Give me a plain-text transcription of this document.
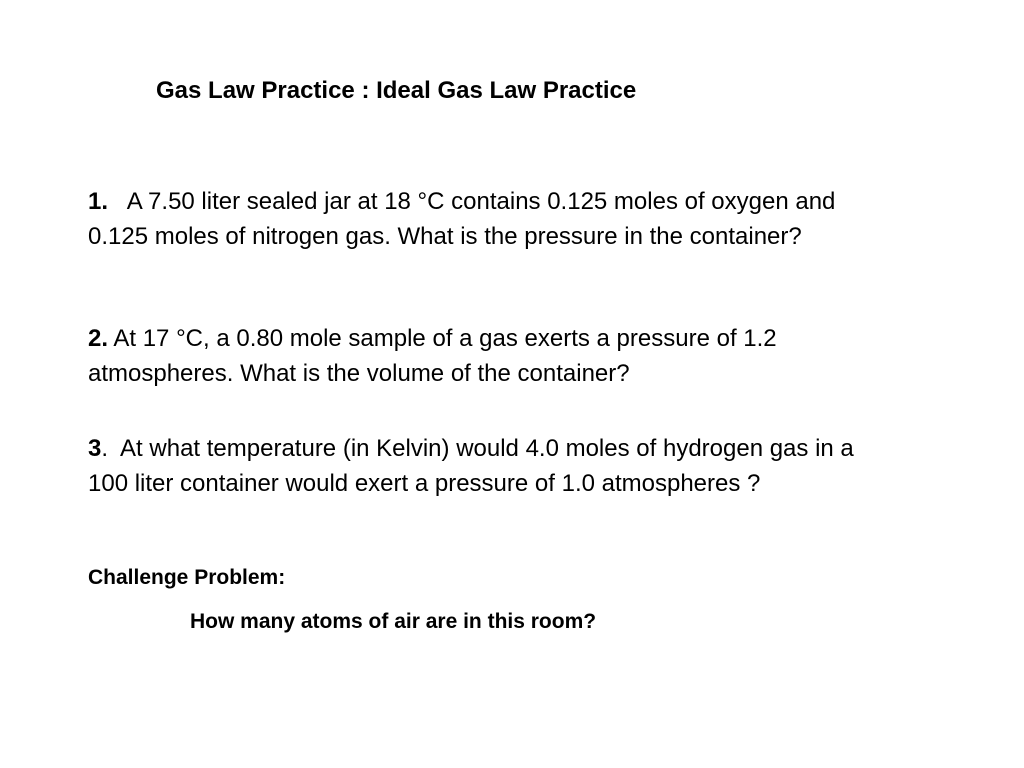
Gas Law Practice : Ideal Gas Law Practice
1. A 7.50 liter sealed jar at 18 °C contains 0.125 moles of oxygen and 0.125 moles of nitrogen gas. What is the pressure in the container?
2. At 17 °C, a 0.80 mole sample of a gas exerts a pressure of 1.2 atmospheres. What is the volume of the container?
3.  At what temperature (in Kelvin) would 4.0 moles of hydrogen gas in a 100 liter container would exert a pressure of 1.0 atmospheres ?
Challenge Problem:
How many atoms of air are in this room?
